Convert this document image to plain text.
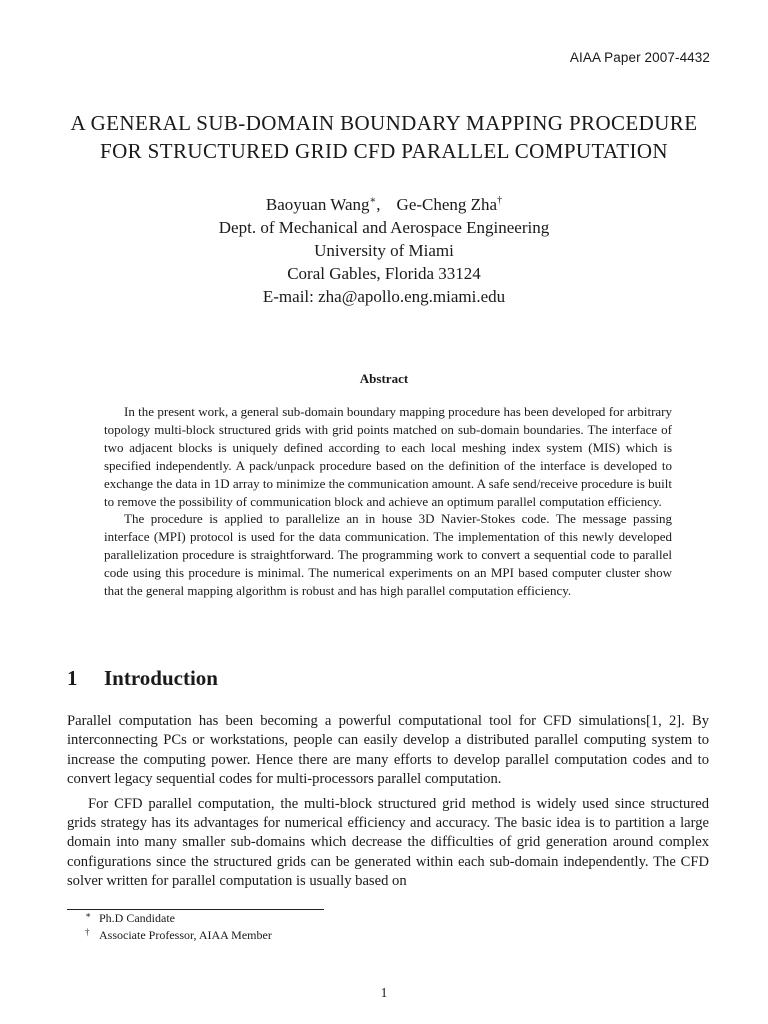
AIAA Paper 2007-4432
A GENERAL SUB-DOMAIN BOUNDARY MAPPING PROCEDURE
FOR STRUCTURED GRID CFD PARALLEL COMPUTATION
Baoyuan Wang∗, Ge-Cheng Zha†
Dept. of Mechanical and Aerospace Engineering
University of Miami
Coral Gables, Florida 33124
E-mail: zha@apollo.eng.miami.edu
Abstract

In the present work, a general sub-domain boundary mapping procedure has been developed for arbitrary topology multi-block structured grids with grid points matched on sub-domain boundaries. The interface of two adjacent blocks is uniquely defined according to each local meshing index system (MIS) which is specified independently. A pack/unpack procedure based on the definition of the interface is developed to exchange the data in 1D array to minimize the communication amount. A safe send/receive procedure is built to remove the possibility of communication block and achieve an optimum parallel computation efficiency.

The procedure is applied to parallelize an in house 3D Navier-Stokes code. The message passing interface (MPI) protocol is used for the data communication. The implementation of this newly developed parallelization procedure is straightforward. The programming work to convert a sequential code to parallel code using this procedure is minimal. The numerical experiments on an MPI based computer cluster show that the general mapping algorithm is robust and has high parallel computation efficiency.

1 Introduction

Parallel computation has been becoming a powerful computational tool for CFD simulations[1, 2]. By interconnecting PCs or workstations, people can easily develop a distributed parallel computing system to increase the computing power. Hence there are many efforts to develop parallel computation codes and to convert legacy sequential codes for multi-processors parallel computation.

For CFD parallel computation, the multi-block structured grid method is widely used since structured grids strategy has its advantages for numerical efficiency and accuracy. The basic idea is to partition a large domain into many smaller sub-domains which decrease the difficulties of grid generation around complex configurations since the structured grids can be generated within each sub-domain independently. The CFD solver written for parallel computation is usually based on

∗ Ph.D Candidate
† Associate Professor, AIAA Member
1
